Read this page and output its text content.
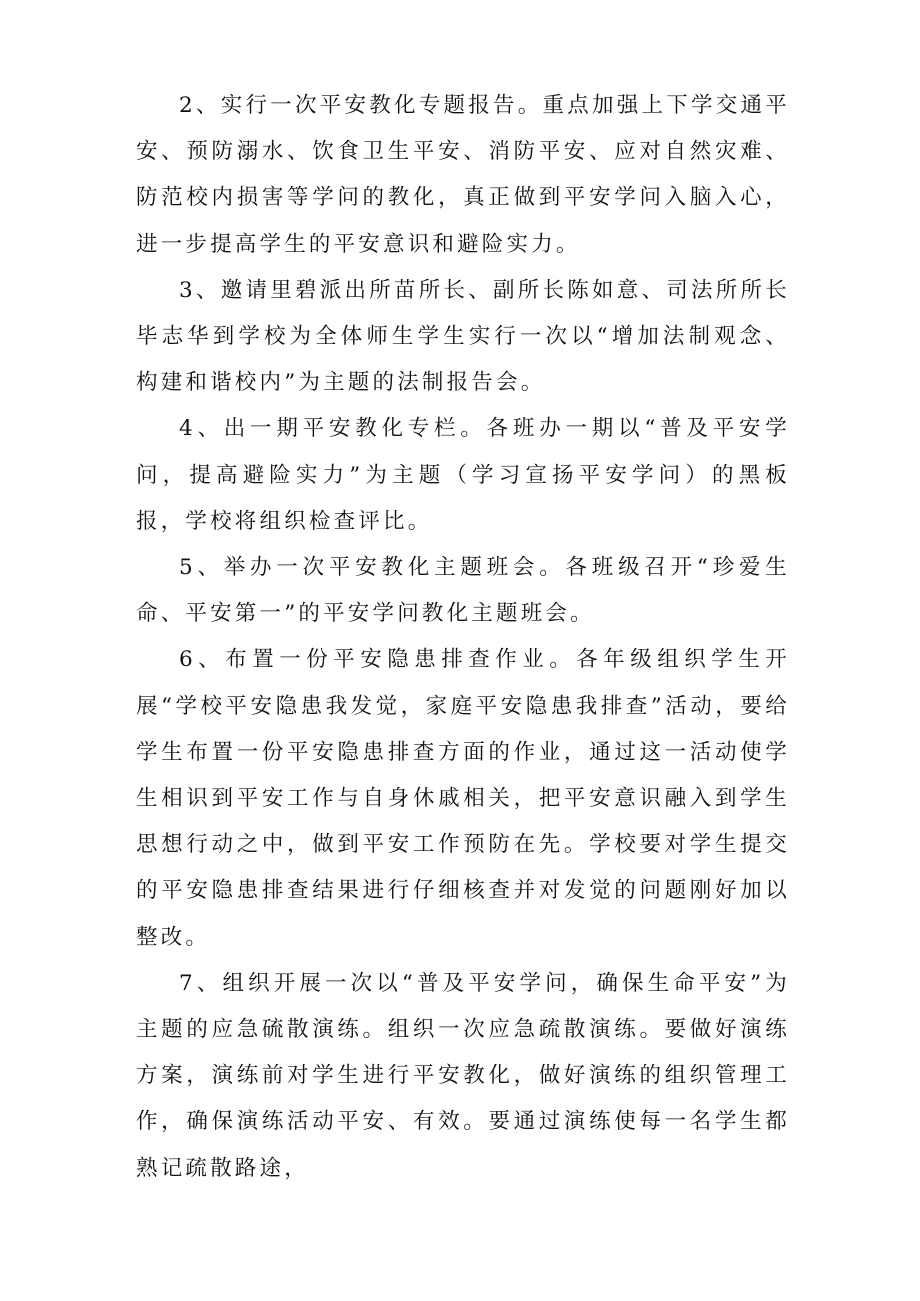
2、实行一次平安教化专题报告。重点加强上下学交通平安、预防溺水、饮食卫生平安、消防平安、应对自然灾难、防范校内损害等学问的教化，真正做到平安学问入脑入心，进一步提高学生的平安意识和避险实力。

3、邀请里碧派出所苗所长、副所长陈如意、司法所所长毕志华到学校为全体师生学生实行一次以“增加法制观念、构建和谐校内”为主题的法制报告会。

4、出一期平安教化专栏。各班办一期以“普及平安学问，提高避险实力”为主题（学习宣扬平安学问）的黑板报，学校将组织检查评比。

5、举办一次平安教化主题班会。各班级召开“珍爱生命、平安第一”的平安学问教化主题班会。

6、布置一份平安隐患排查作业。各年级组织学生开展“学校平安隐患我发觉，家庭平安隐患我排查”活动，要给学生布置一份平安隐患排查方面的作业，通过这一活动使学生相识到平安工作与自身休戚相关，把平安意识融入到学生思想行动之中，做到平安工作预防在先。学校要对学生提交的平安隐患排查结果进行仔细核查并对发觉的问题刚好加以整改。

7、组织开展一次以“普及平安学问，确保生命平安”为主题的应急硫散演练。组织一次应急疏散演练。要做好演练方案，演练前对学生进行平安教化，做好演练的组织管理工作，确保演练活动平安、有效。要通过演练使每一名学生都熟记疏散路途，
